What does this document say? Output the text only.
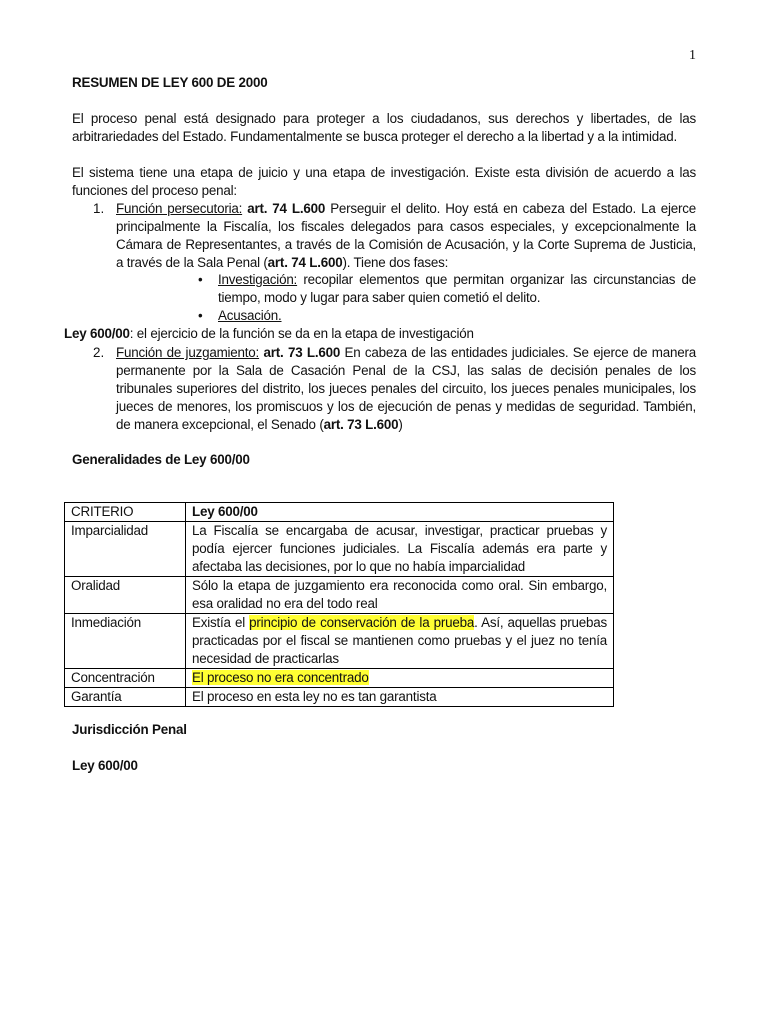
1
RESUMEN DE LEY 600 DE 2000
El proceso penal está designado para proteger a los ciudadanos, sus derechos y libertades, de las arbitrariedades del Estado. Fundamentalmente se busca proteger el derecho a la libertad y a la intimidad.
El sistema tiene una etapa de juicio y una etapa de investigación. Existe esta división de acuerdo a las funciones del proceso penal:
1. Función persecutoria: art. 74 L.600 Perseguir el delito. Hoy está en cabeza del Estado. La ejerce principalmente la Fiscalía, los fiscales delegados para casos especiales, y excepcionalmente la Cámara de Representantes, a través de la Comisión de Acusación, y la Corte Suprema de Justicia, a través de la Sala Penal (art. 74 L.600). Tiene dos fases:
• Investigación: recopilar elementos que permitan organizar las circunstancias de tiempo, modo y lugar para saber quien cometió el delito.
• Acusación.
Ley 600/00: el ejercicio de la función se da en la etapa de investigación
2. Función de juzgamiento: art. 73 L.600 En cabeza de las entidades judiciales. Se ejerce de manera permanente por la Sala de Casación Penal de la CSJ, las salas de decisión penales de los tribunales superiores del distrito, los jueces penales del circuito, los jueces penales municipales, los jueces de menores, los promiscuos y los de ejecución de penas y medidas de seguridad. También, de manera excepcional, el Senado (art. 73 L.600)
Generalidades de Ley 600/00
CRITERIO	Ley 600/00
Imparcialidad	La Fiscalía se encargaba de acusar, investigar, practicar pruebas y podía ejercer funciones judiciales. La Fiscalía además era parte y afectaba las decisiones, por lo que no había imparcialidad
Oralidad	Sólo la etapa de juzgamiento era reconocida como oral. Sin embargo, esa oralidad no era del todo real
Inmediación	Existía el principio de conservación de la prueba. Así, aquellas pruebas practicadas por el fiscal se mantienen como pruebas y el juez no tenía necesidad de practicarlas
Concentración	El proceso no era concentrado
Garantía	El proceso en esta ley no es tan garantista
Jurisdicción Penal
Ley 600/00
